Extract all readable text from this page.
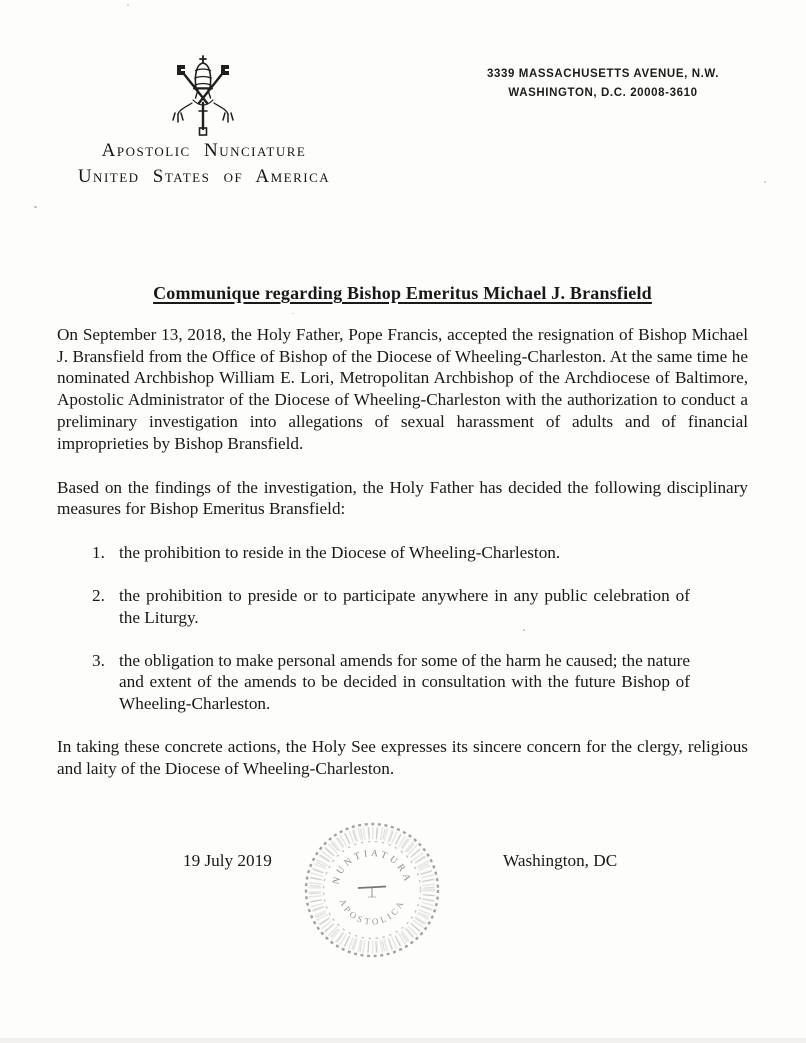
3339 MASSACHUSETTS AVENUE, N.W.
WASHINGTON, D.C. 20008-3610
Apostolic Nunciature
United States of America
Communique regarding Bishop Emeritus Michael J. Bransfield

On September 13, 2018, the Holy Father, Pope Francis, accepted the resignation of Bishop Michael J. Bransfield from the Office of Bishop of the Diocese of Wheeling-Charleston. At the same time he nominated Archbishop William E. Lori, Metropolitan Archbishop of the Archdiocese of Baltimore, Apostolic Administrator of the Diocese of Wheeling-Charleston with the authorization to conduct a preliminary investigation into allegations of sexual harassment of adults and of financial improprieties by Bishop Bransfield.

Based on the findings of the investigation, the Holy Father has decided the following disciplinary measures for Bishop Emeritus Bransfield:

1. the prohibition to reside in the Diocese of Wheeling-Charleston.
2. the prohibition to preside or to participate anywhere in any public celebration of the Liturgy.
3. the obligation to make personal amends for some of the harm he caused; the nature and extent of the amends to be decided in consultation with the future Bishop of Wheeling-Charleston.

In taking these concrete actions, the Holy See expresses its sincere concern for the clergy, religious and laity of the Diocese of Wheeling-Charleston.

19 July 2019
NUNTIATURA
APOSTOLICA
Washington, DC
